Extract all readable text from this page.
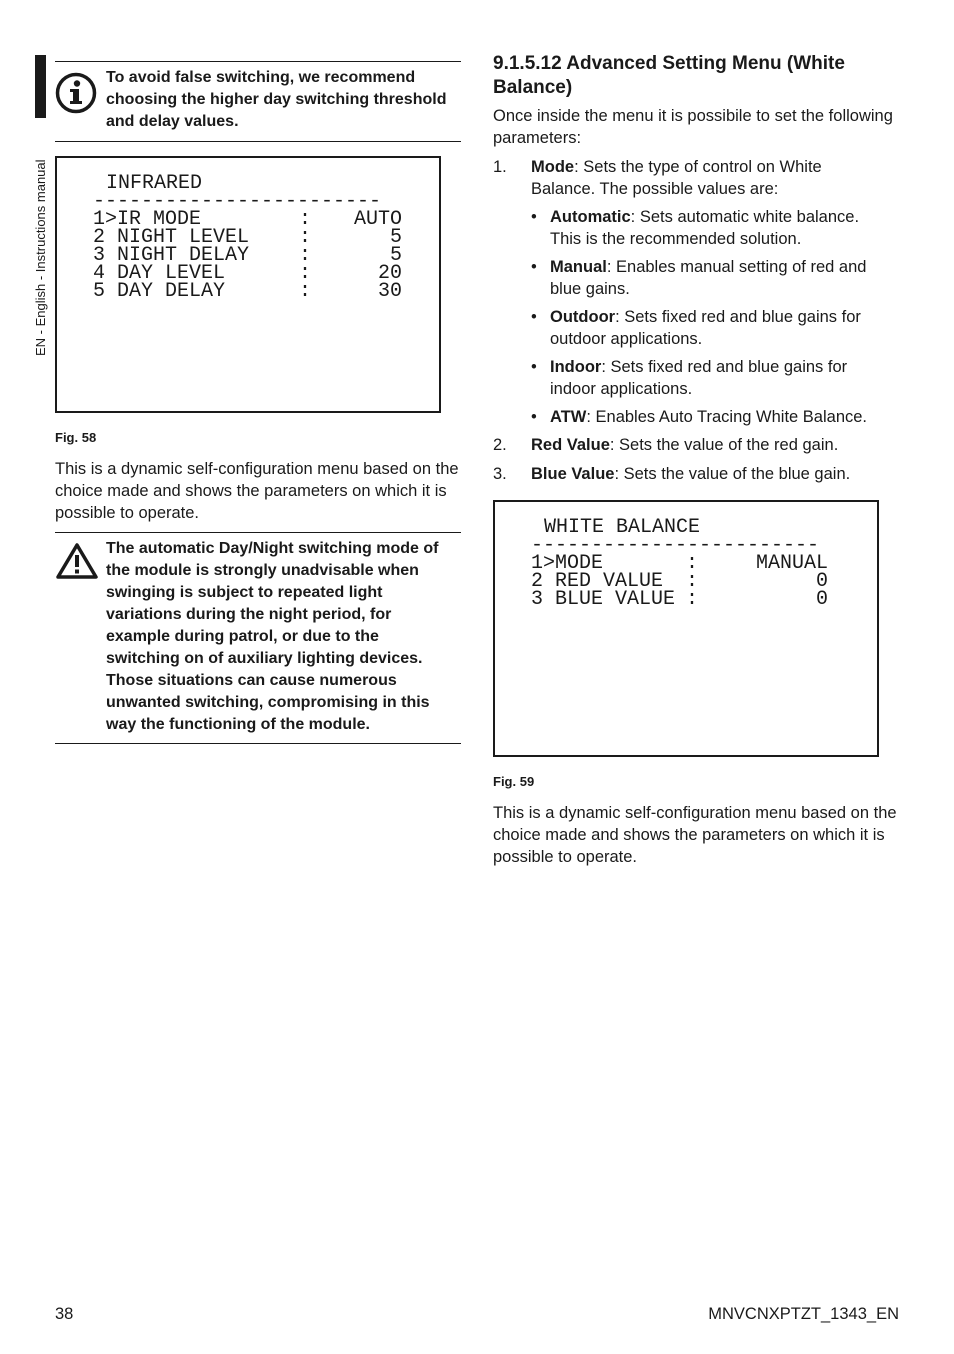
EN - English - Instructions manual

To avoid false switching, we recommend choosing the higher day switching threshold and delay values.

INFRARED
------------------------
1>IR MODE	:	AUTO
2 NIGHT LEVEL :	5
3 NIGHT DELAY :	5
4 DAY LEVEL	:	20
5 DAY DELAY	:	30
Fig. 58

This is a dynamic self-configuration menu based on the choice made and shows the parameters on which it is possible to operate.

The automatic Day/Night switching mode of the module is strongly unadvisable when swinging is subject to repeated light variations during the night period, for example during patrol, or due to the switching on of auxiliary lighting devices. Those situations can cause numerous unwanted switching, compromising in this way the functioning of the module.

9.1.5.12 Advanced Setting Menu (White Balance)

Once inside the menu it is possibile to set the following parameters:

1. Mode: Sets the type of control on White Balance. The possible values are:
• Automatic: Sets automatic white balance. This is the recommended solution.
• Manual: Enables manual setting of red and blue gains.
• Outdoor: Sets fixed red and blue gains for outdoor applications.
• Indoor: Sets fixed red and blue gains for indoor applications.
• ATW: Enables Auto Tracing White Balance.
2. Red Value: Sets the value of the red gain.
3. Blue Value: Sets the value of the blue gain.
WHITE BALANCE
------------------------
1>MODE	:	MANUAL
2 RED VALUE :	0
3 BLUE VALUE :	0
Fig. 59

This is a dynamic self-configuration menu based on the choice made and shows the parameters on which it is possible to operate.

38	MNVCNXPTZT_1343_EN
